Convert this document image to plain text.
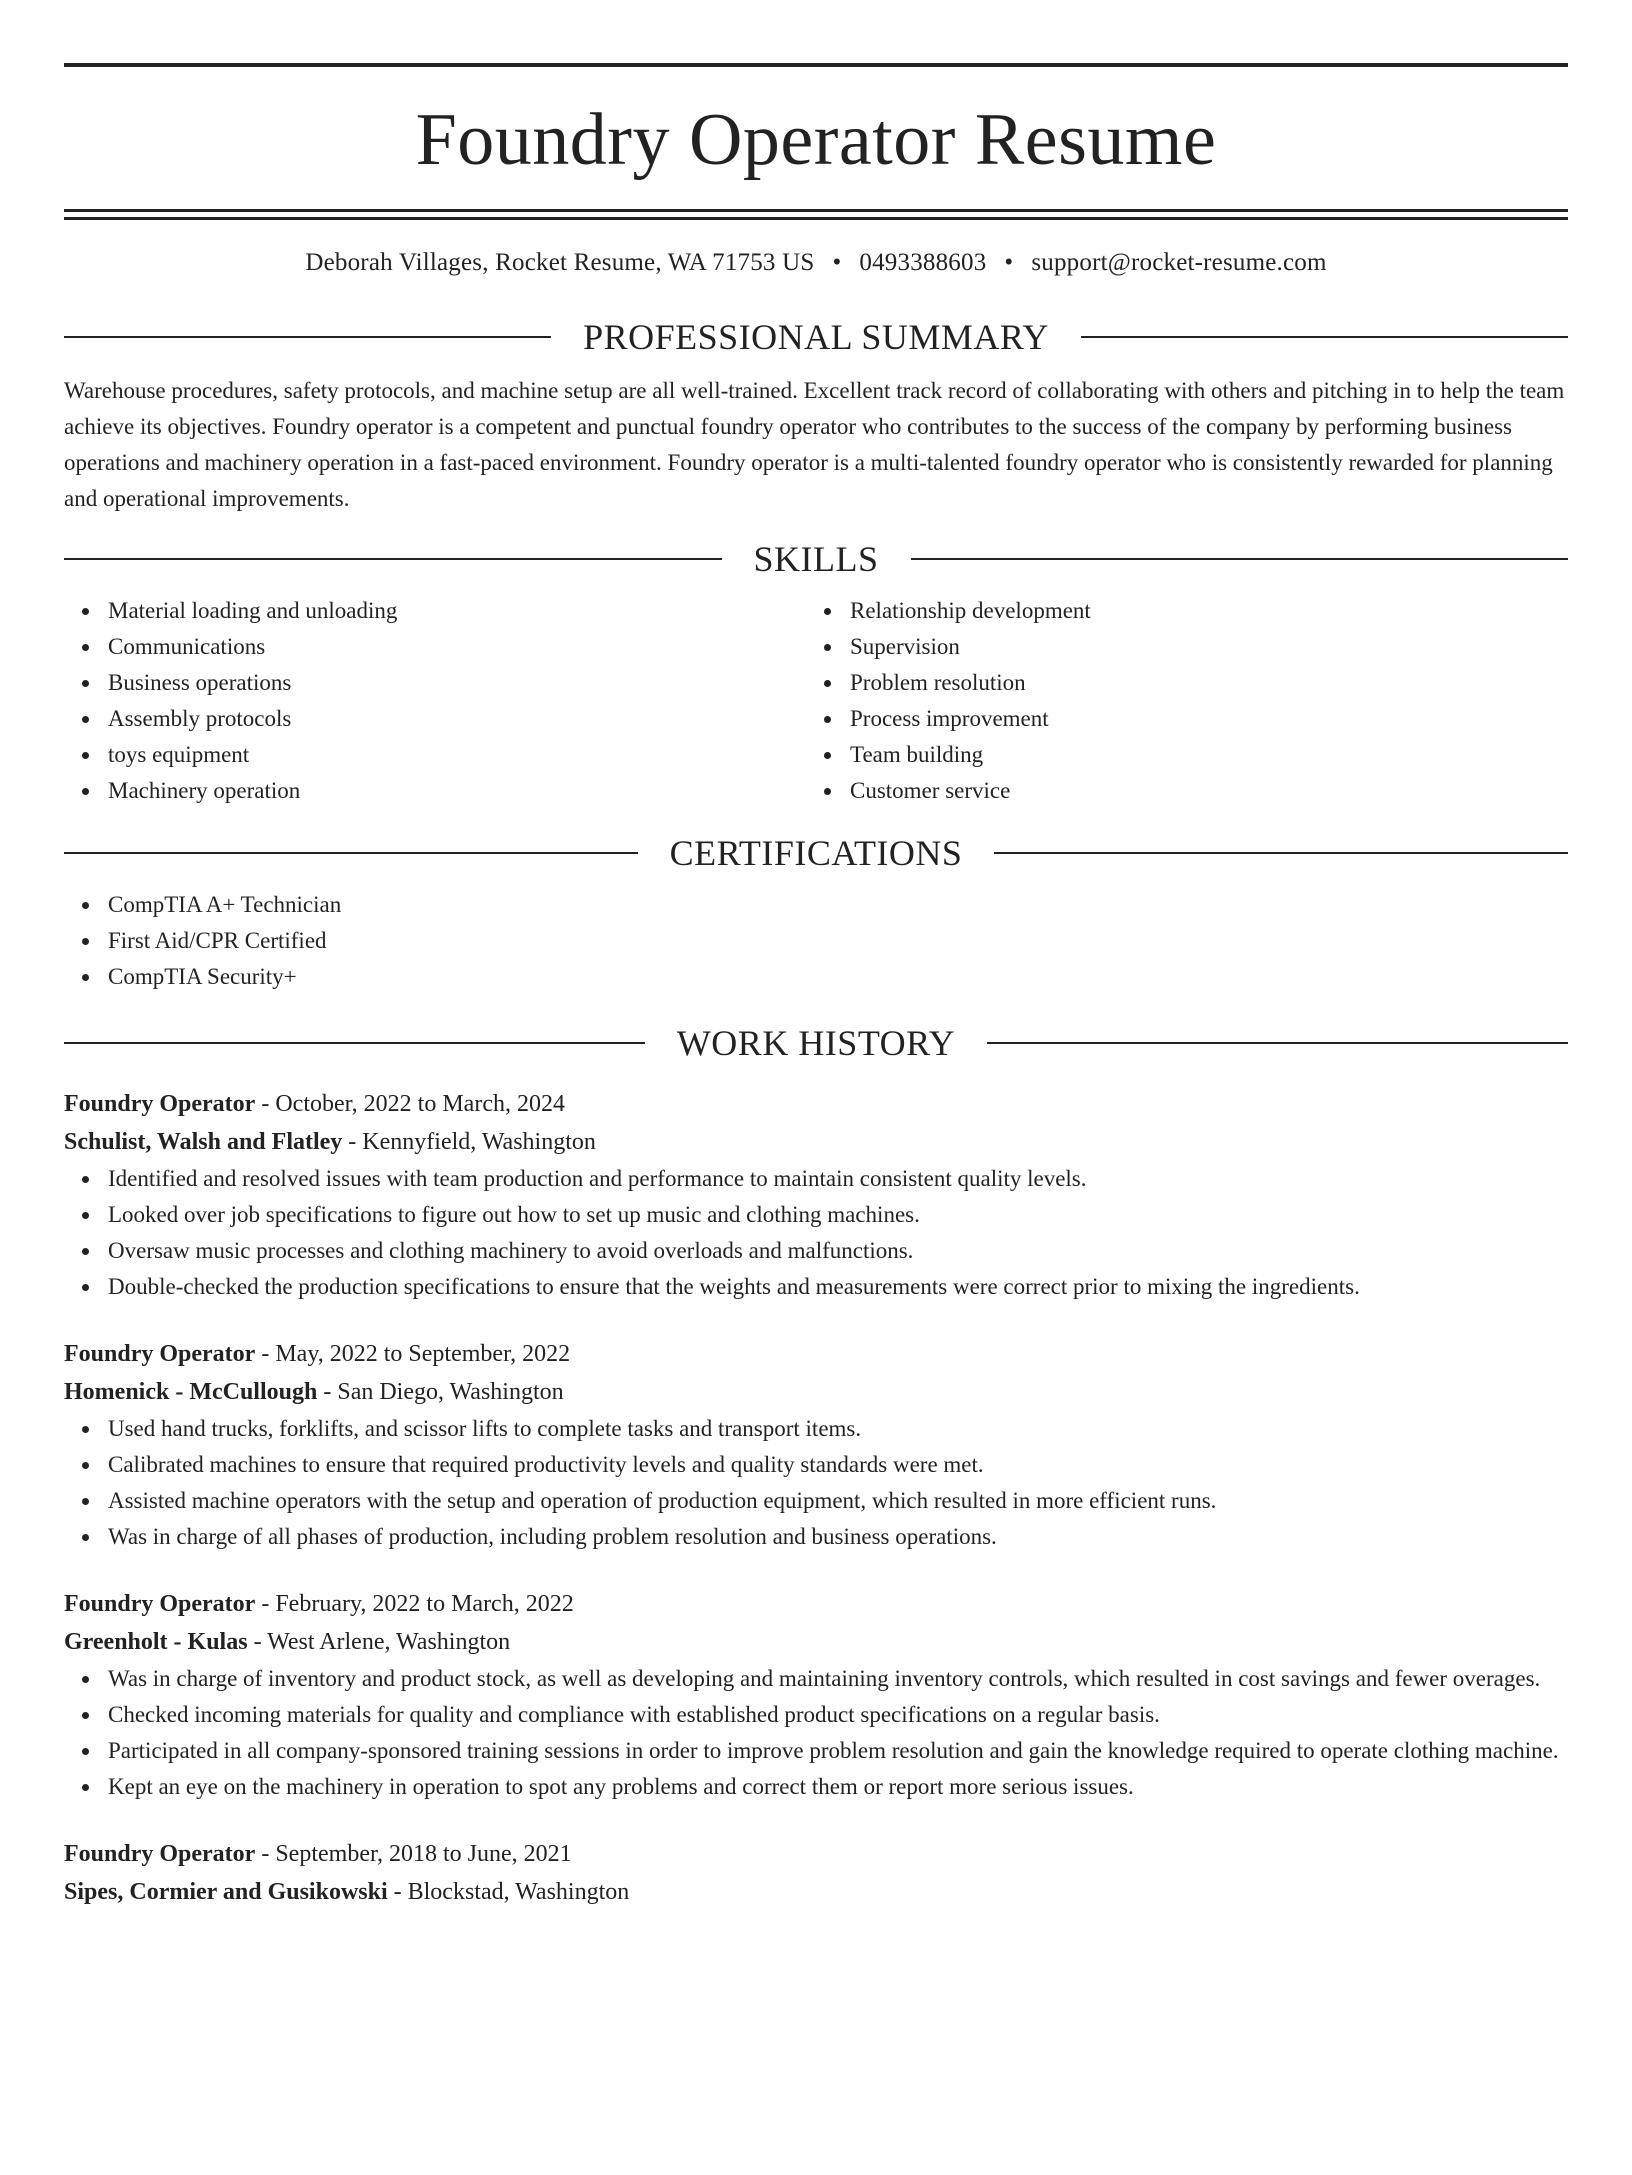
Foundry Operator Resume
Deborah Villages, Rocket Resume, WA 71753 US • 0493388603 • support@rocket-resume.com
PROFESSIONAL SUMMARY

Warehouse procedures, safety protocols, and machine setup are all well-trained. Excellent track record of collaborating with others and pitching in to help the team achieve its objectives. Foundry operator is a competent and punctual foundry operator who contributes to the success of the company by performing business operations and machinery operation in a fast-paced environment. Foundry operator is a multi-talented foundry operator who is consistently rewarded for planning and operational improvements.

SKILLS
Material loading and unloading
Communications
Business operations
Assembly protocols
toys equipment
Machinery operation
Relationship development
Supervision
Problem resolution
Process improvement
Team building
Customer service
CERTIFICATIONS
CompTIA A+ Technician
First Aid/CPR Certified
CompTIA Security+
WORK HISTORY
Foundry Operator - October, 2022 to March, 2024
Schulist, Walsh and Flatley - Kennyfield, Washington
Identified and resolved issues with team production and performance to maintain consistent quality levels.
Looked over job specifications to figure out how to set up music and clothing machines.
Oversaw music processes and clothing machinery to avoid overloads and malfunctions.
Double-checked the production specifications to ensure that the weights and measurements were correct prior to mixing the ingredients.
Foundry Operator - May, 2022 to September, 2022
Homenick - McCullough - San Diego, Washington
Used hand trucks, forklifts, and scissor lifts to complete tasks and transport items.
Calibrated machines to ensure that required productivity levels and quality standards were met.
Assisted machine operators with the setup and operation of production equipment, which resulted in more efficient runs.
Was in charge of all phases of production, including problem resolution and business operations.
Foundry Operator - February, 2022 to March, 2022
Greenholt - Kulas - West Arlene, Washington
Was in charge of inventory and product stock, as well as developing and maintaining inventory controls, which resulted in cost savings and fewer overages.
Checked incoming materials for quality and compliance with established product specifications on a regular basis.
Participated in all company-sponsored training sessions in order to improve problem resolution and gain the knowledge required to operate clothing machine.
Kept an eye on the machinery in operation to spot any problems and correct them or report more serious issues.
Foundry Operator - September, 2018 to June, 2021
Sipes, Cormier and Gusikowski - Blockstad, Washington
